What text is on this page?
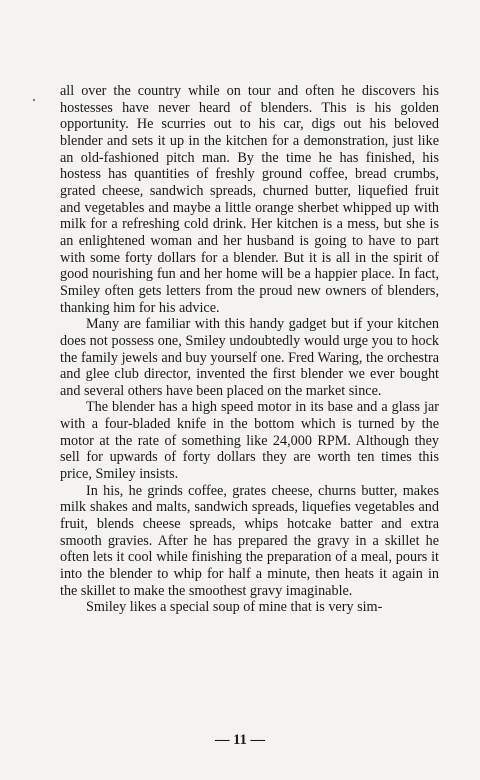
all over the country while on tour and often he discovers his hostesses have never heard of blenders. This is his golden opportunity. He scurries out to his car, digs out his beloved blender and sets it up in the kitchen for a demonstration, just like an old-fashioned pitch man. By the time he has finished, his hostess has quantities of freshly ground coffee, bread crumbs, grated cheese, sandwich spreads, churned butter, liquefied fruit and vegetables and maybe a little orange sherbet whipped up with milk for a refreshing cold drink. Her kitchen is a mess, but she is an enlightened woman and her husband is going to have to part with some forty dollars for a blender. But it is all in the spirit of good nourishing fun and her home will be a happier place. In fact, Smiley often gets letters from the proud new owners of blenders, thanking him for his advice.

Many are familiar with this handy gadget but if your kitchen does not possess one, Smiley undoubtedly would urge you to hock the family jewels and buy yourself one. Fred Waring, the orchestra and glee club director, invented the first blender we ever bought and several others have been placed on the market since.

The blender has a high speed motor in its base and a glass jar with a four-bladed knife in the bottom which is turned by the motor at the rate of something like 24,000 RPM. Although they sell for upwards of forty dollars they are worth ten times this price, Smiley insists.

In his, he grinds coffee, grates cheese, churns butter, makes milk shakes and malts, sandwich spreads, liquefies vegetables and fruit, blends cheese spreads, whips hotcake batter and extra smooth gravies. After he has prepared the gravy in a skillet he often lets it cool while finishing the preparation of a meal, pours it into the blender to whip for half a minute, then heats it again in the skillet to make the smoothest gravy imaginable.

Smiley likes a special soup of mine that is very sim-

— 11 —
